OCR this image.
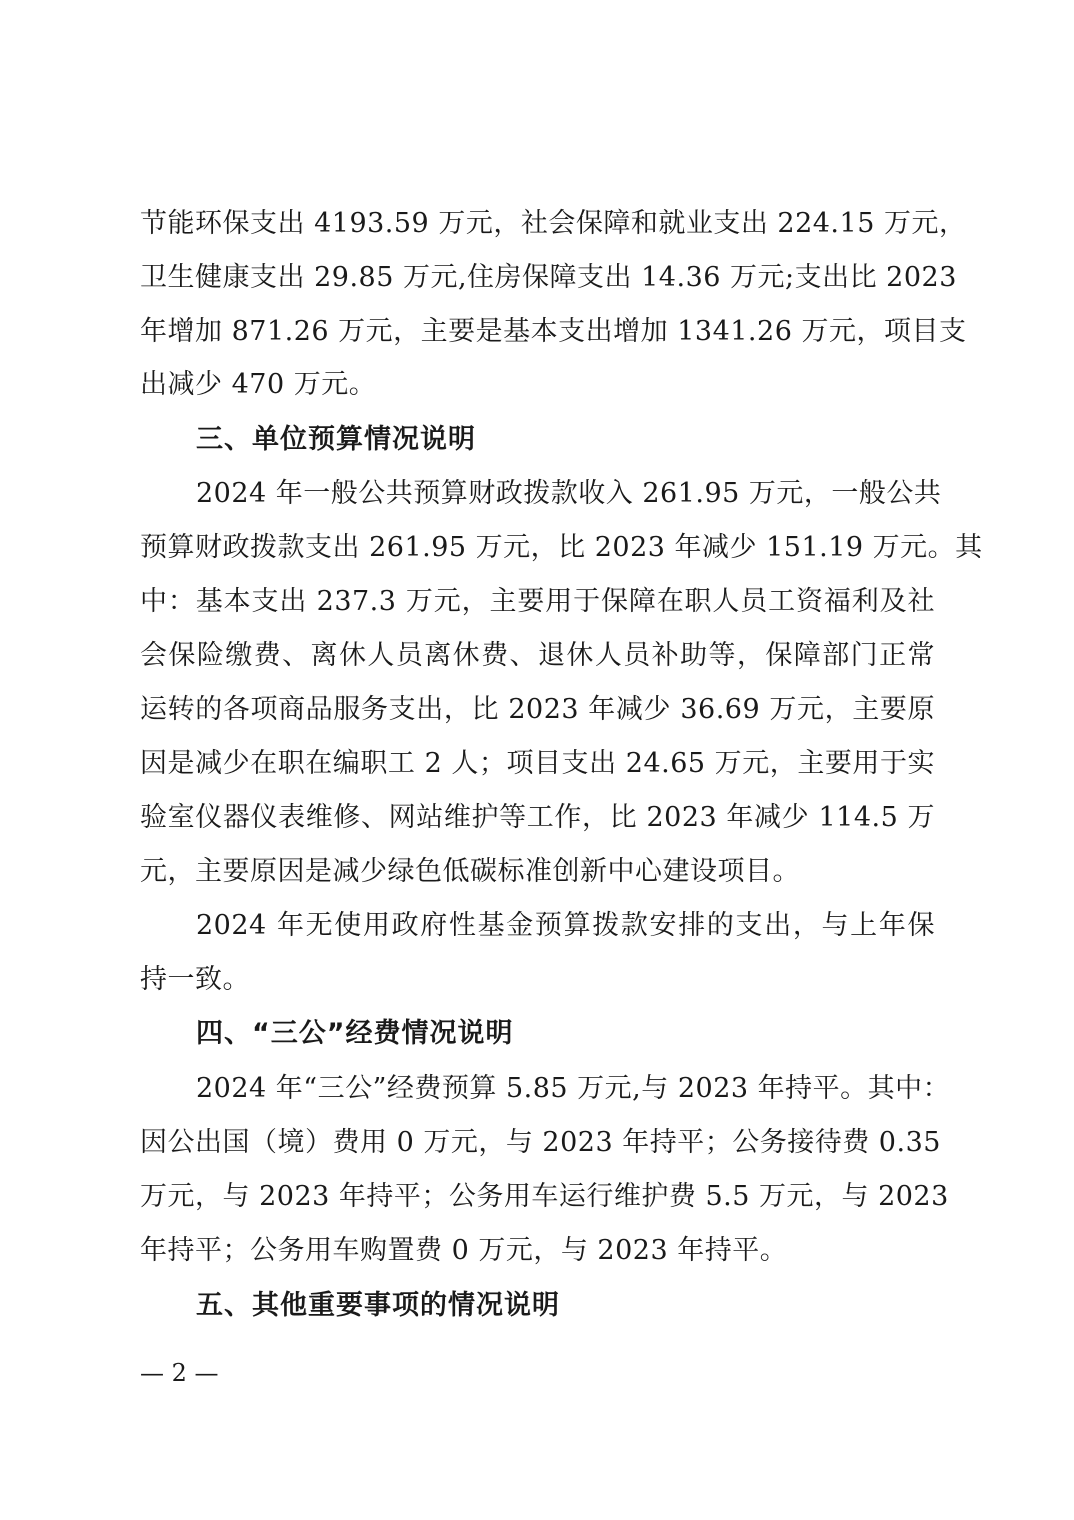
节能环保支出 4193.59 万元，社会保障和就业支出 224.15 万元，
卫生健康支出 29.85 万元,住房保障支出 14.36 万元;支出比 2023
年增加 871.26 万元，主要是基本支出增加 1341.26 万元，项目支
出减少 470 万元。
三、单位预算情况说明
2024 年一般公共预算财政拨款收入 261.95 万元，一般公共
预算财政拨款支出 261.95 万元，比 2023 年减少 151.19 万元。其
中：基本支出 237.3 万元，主要用于保障在职人员工资福利及社
会保险缴费、离休人员离休费、退休人员补助等，保障部门正常
运转的各项商品服务支出，比 2023 年减少 36.69 万元，主要原
因是减少在职在编职工 2 人；项目支出 24.65 万元，主要用于实
验室仪器仪表维修、网站维护等工作，比 2023 年减少 114.5 万
元，主要原因是减少绿色低碳标准创新中心建设项目。
2024 年无使用政府性基金预算拨款安排的支出，与上年保
持一致。
四、“三公”经费情况说明
2024 年“三公”经费预算 5.85 万元,与 2023 年持平。其中：
因公出国（境）费用 0 万元，与 2023 年持平；公务接待费 0.35
万元，与 2023 年持平；公务用车运行维护费 5.5 万元，与 2023
年持平；公务用车购置费 0 万元，与 2023 年持平。
五、其他重要事项的情况说明
— 2 —
